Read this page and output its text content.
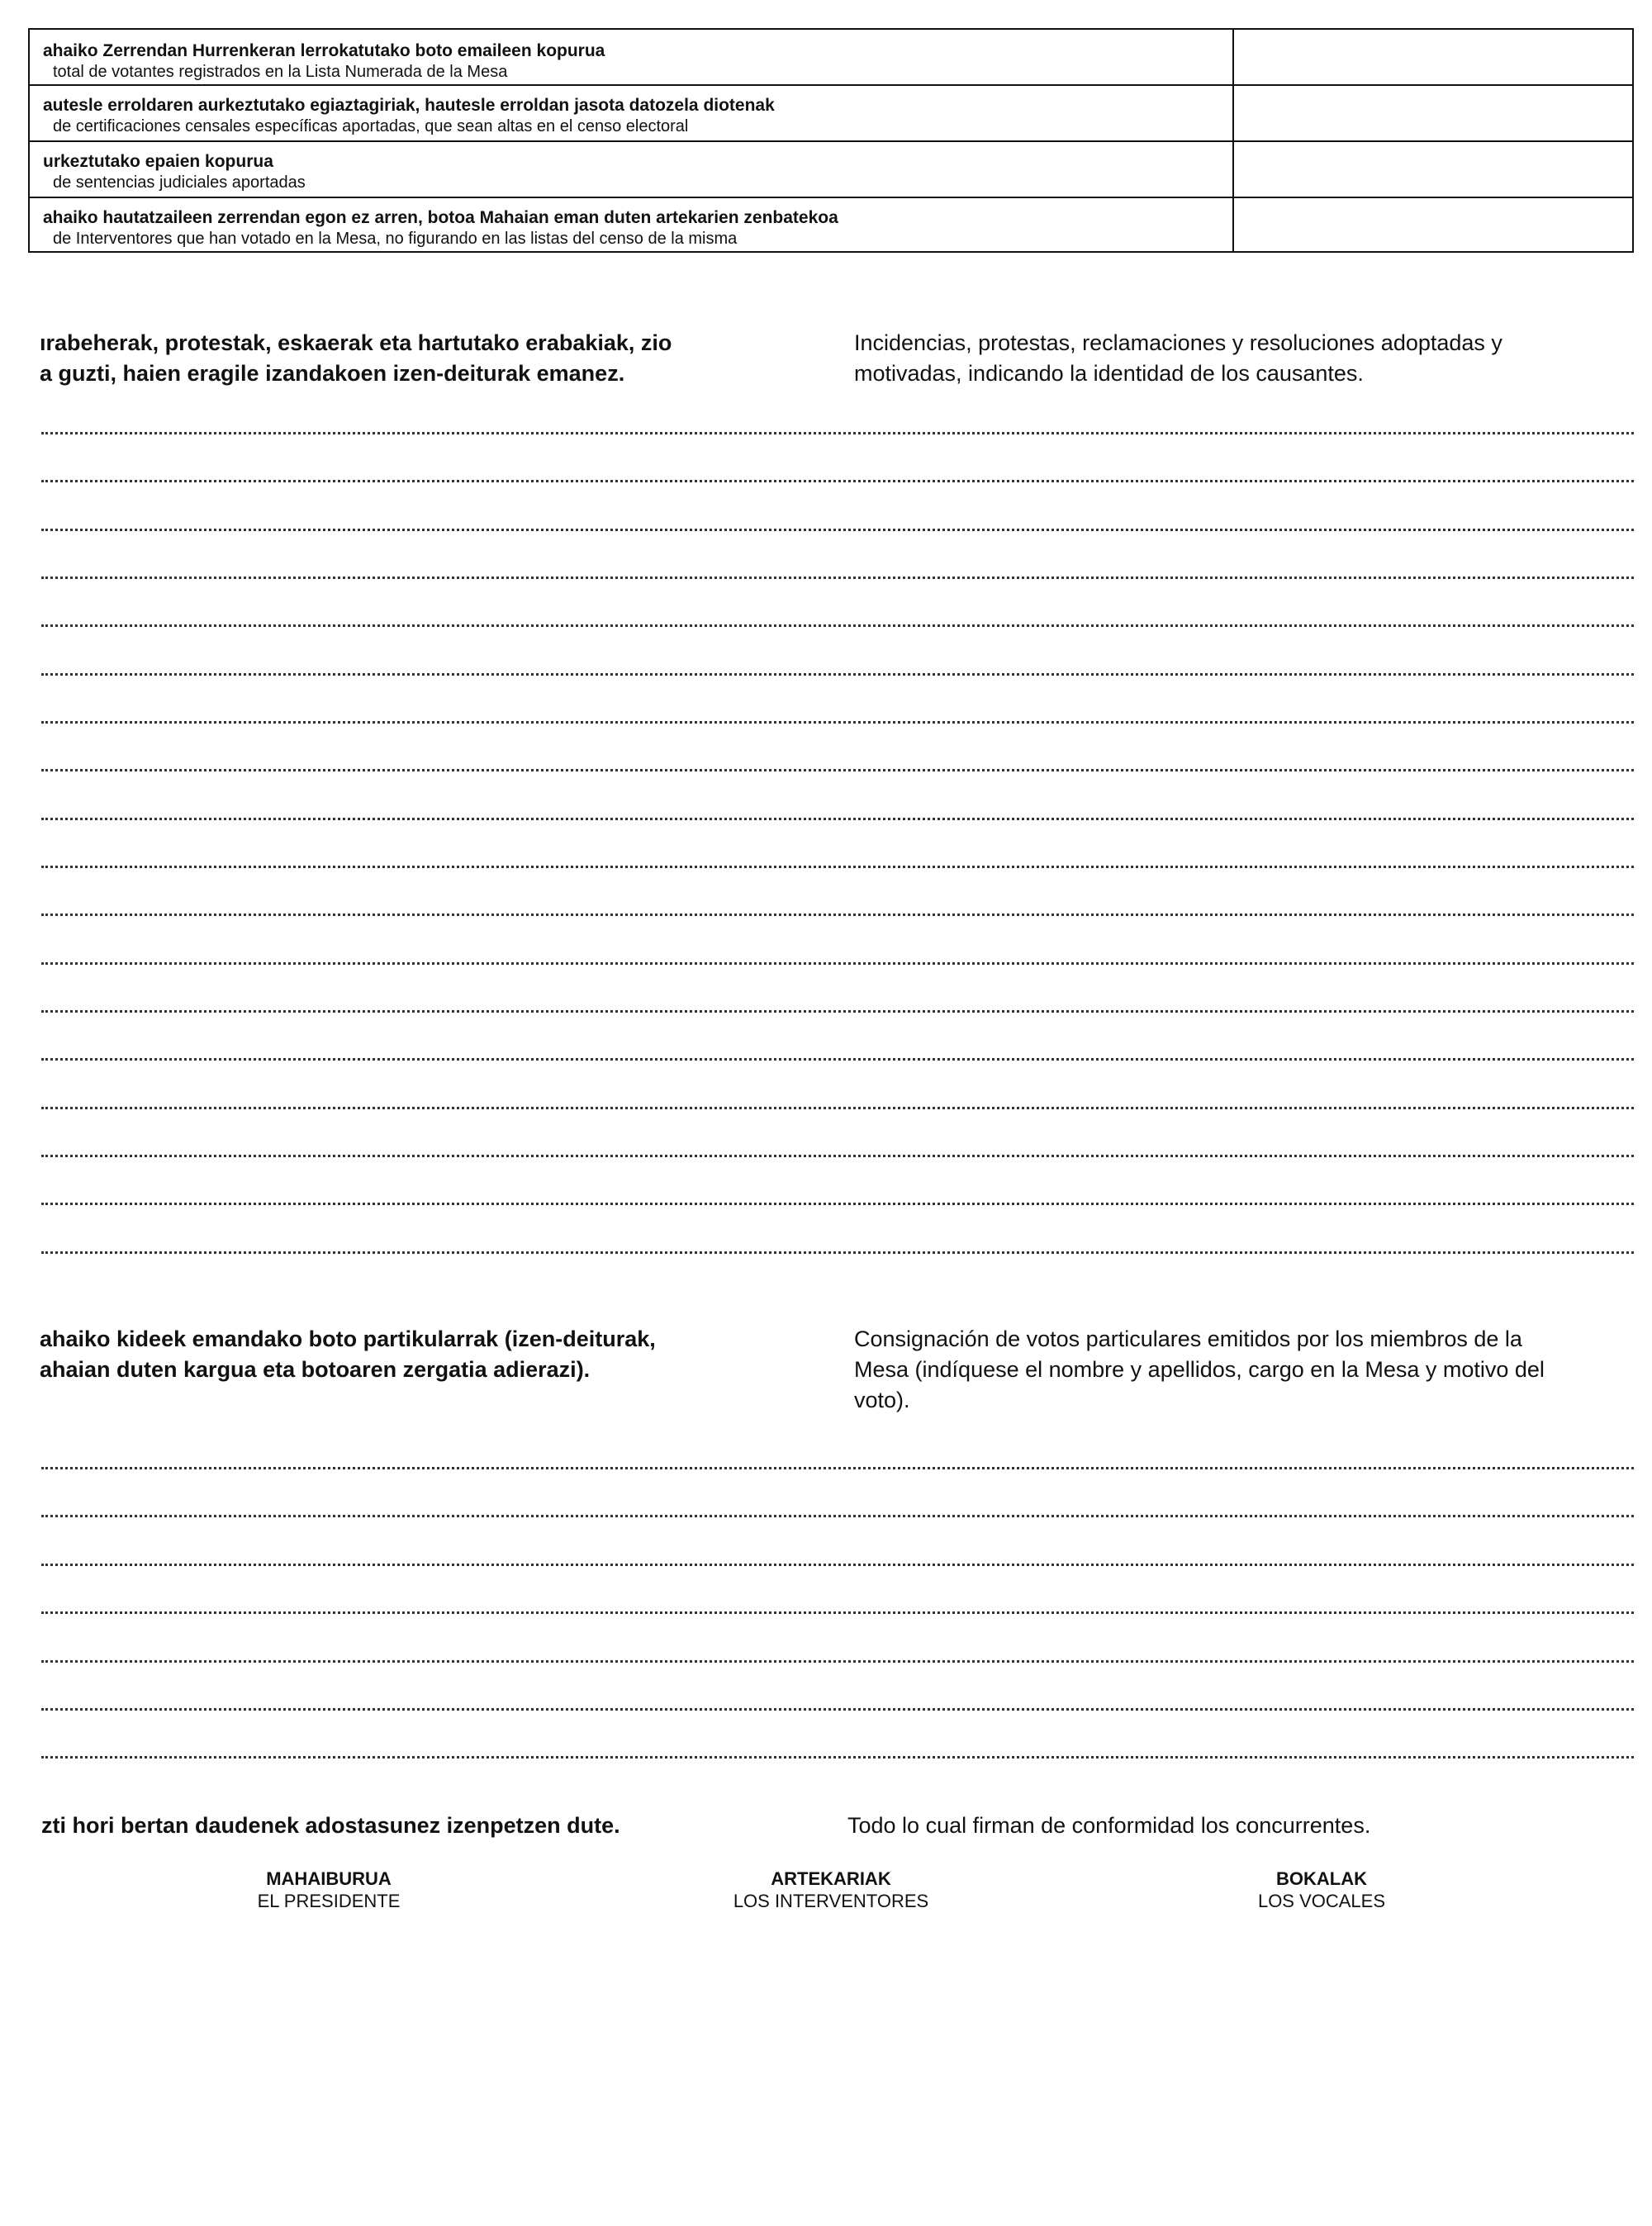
ahaiko Zerrendan Hurrenkeran lerrokatutako boto emaileen kopurua
total de votantes registrados en la Lista Numerada de la Mesa
autesle erroldaren aurkeztutako egiaztagiriak, hautesle erroldan jasota datozela diotenak
de certificaciones censales específicas aportadas, que sean altas en el censo electoral
urkeztutako epaien kopurua
de sentencias judiciales aportadas
ahaiko hautatzaileen zerrendan egon ez arren, botoa Mahaian eman duten artekarien zenbatekoa
de Interventores que han votado en la Mesa, no figurando en las listas del censo de la misma
ırabeherak, protestak, eskaerak eta hartutako erabakiak, zio
a guzti, haien eragile izandakoen izen-deiturak emanez.
Incidencias, protestas, reclamaciones y resoluciones adoptadas y
motivadas, indicando la identidad de los causantes.
ahaiko kideek emandako boto partikularrak (izen-deiturak,
ahaian duten kargua eta botoaren zergatia adierazi).
Consignación de votos particulares emitidos por los miembros de la
Mesa (indíquese el nombre y apellidos, cargo en la Mesa y motivo del
voto).
zti hori bertan daudenek adostasunez izenpetzen dute.	Todo lo cual firman de conformidad los concurrentes.
MAHAIBURUA
EL PRESIDENTE
ARTEKARIAK
LOS INTERVENTORES
BOKALAK
LOS VOCALES
